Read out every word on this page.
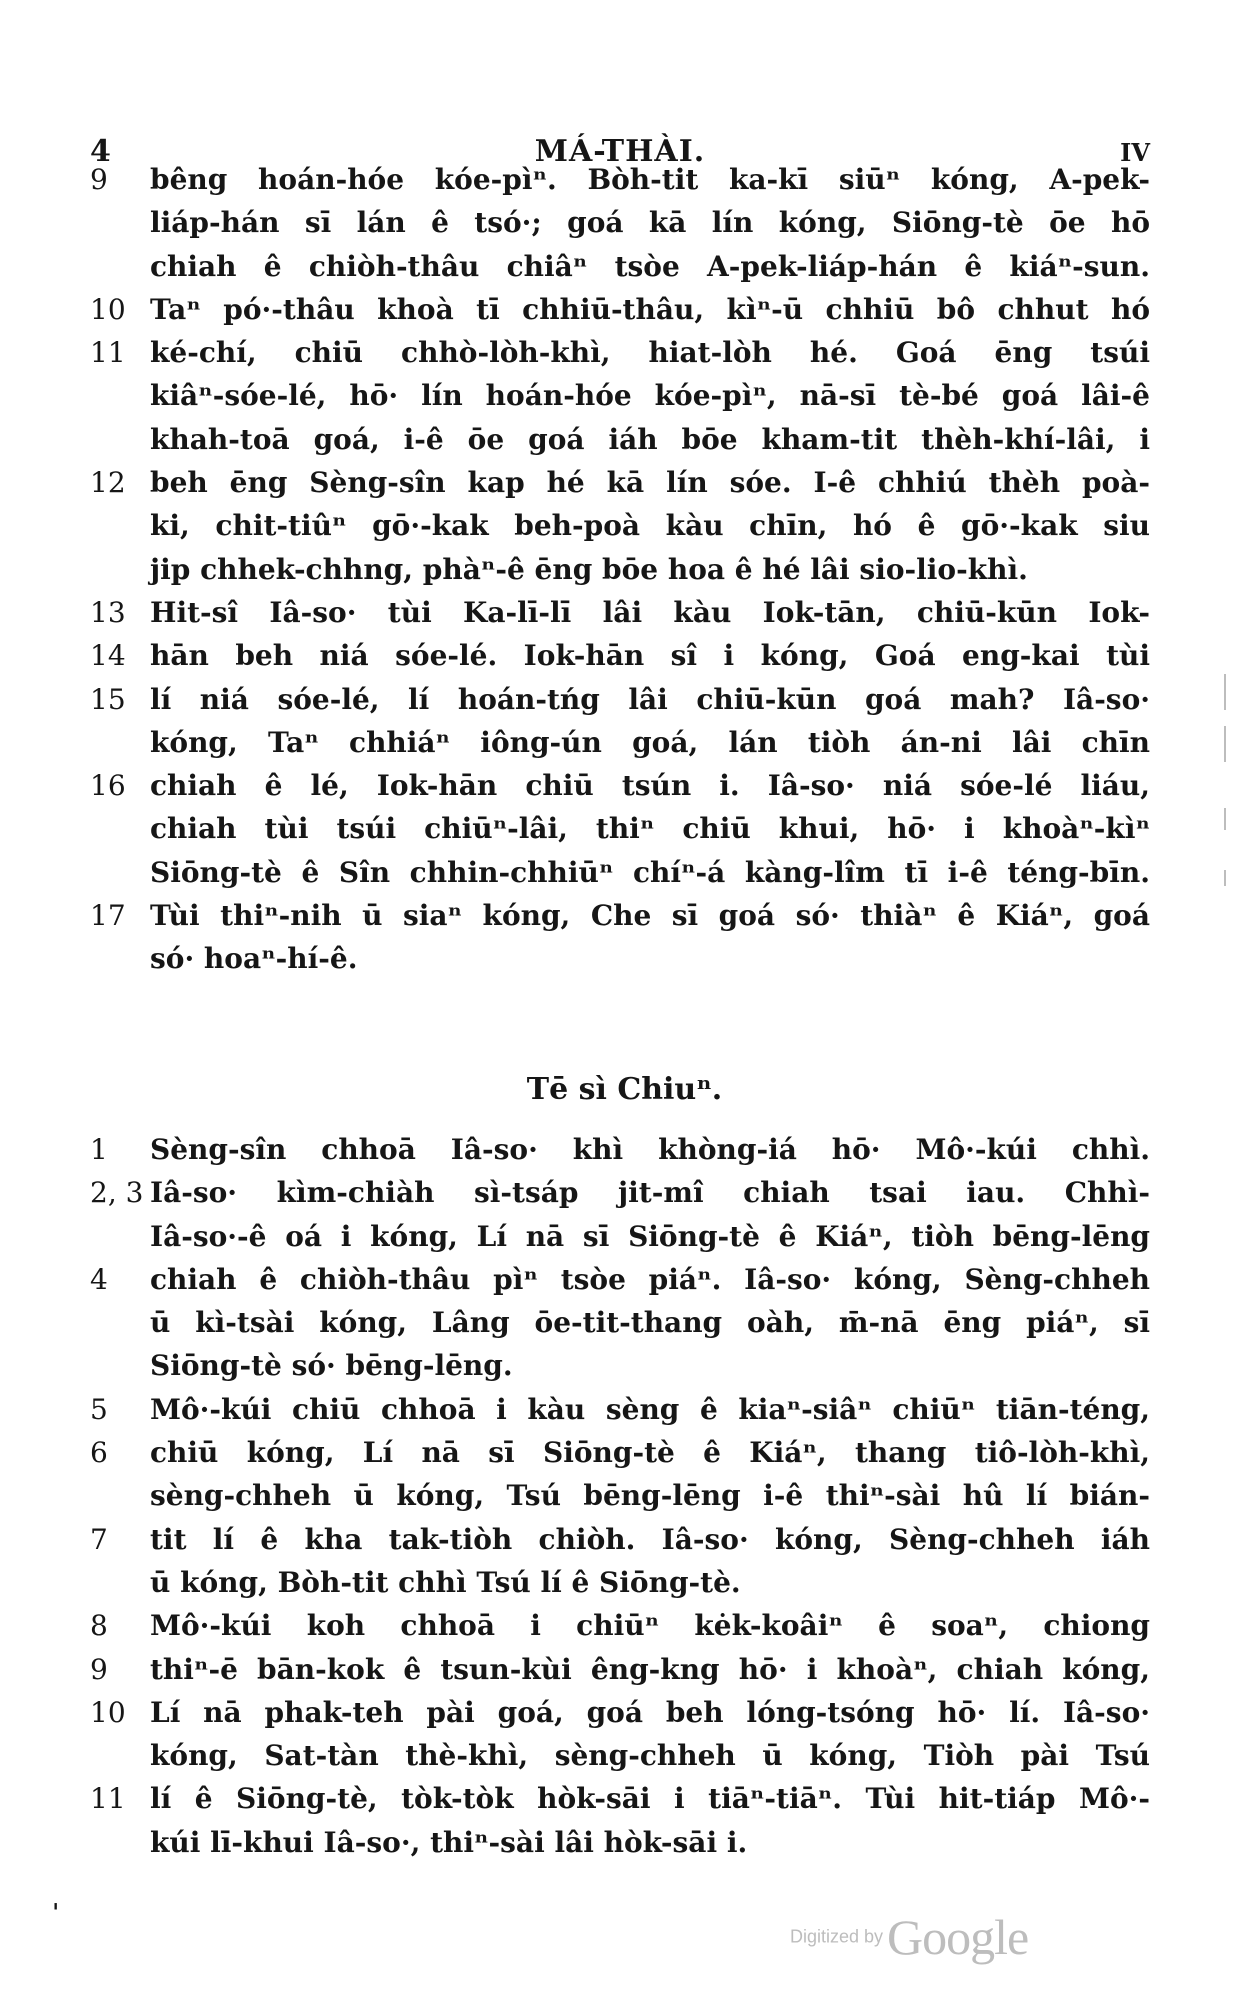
4	MÁ-THÀI.	IV
9 bêng hoán-hóe kóe-pìⁿ. Bòh-tit ka-kī siūⁿ kóng, A-pek-
liáp-hán sī lán ê tsó·; goá kā lín kóng, Siōng-tè ōe hō
chiah ê chiòh-thâu chiâⁿ tsòe A-pek-liáp-hán ê kiáⁿ-sun.
10 Taⁿ pó·-thâu khoà tī chhiū-thâu, kìⁿ-ū chhiū bô chhut hó
11 ké-chí, chiū chhò-lòh-khì, hiat-lòh hé. Goá ēng tsúi
kiâⁿ-sóe-lé, hō· lín hoán-hóe kóe-pìⁿ, nā-sī tè-bé goá lâi-ê
khah-toā goá, i-ê ōe goá iáh bōe kham-tit thèh-khí-lâi, i
12 beh ēng Sèng-sîn kap hé kā lín sóe. I-ê chhiú thèh poà-
ki, chit-tiûⁿ gō·-kak beh-poà kàu chīn, hó ê gō·-kak siu
jip chhek-chhng, phàⁿ-ê ēng bōe hoa ê hé lâi sio-lio-khì.
13 Hit-sî Iâ-so· tùi Ka-lī-lī lâi kàu Iok-tān, chiū-kūn Iok-
14 hān beh niá sóe-lé. Iok-hān sî i kóng, Goá eng-kai tùi
15 lí niá sóe-lé, lí hoán-tńg lâi chiū-kūn goá mah? Iâ-so·
kóng, Taⁿ chhiáⁿ iông-ún goá, lán tiòh án-ni lâi chīn
16 chiah ê lé, Iok-hān chiū tsún i. Iâ-so· niá sóe-lé liáu,
chiah tùi tsúi chiūⁿ-lâi, thiⁿ chiū khui, hō· i khoàⁿ-kìⁿ
Siōng-tè ê Sîn chhin-chhiūⁿ chíⁿ-á kàng-lîm tī i-ê téng-bīn.
17 Tùi thiⁿ-nih ū siaⁿ kóng, Che sī goá só· thiàⁿ ê Kiáⁿ, goá
só· hoaⁿ-hí-ê.
Tē sì Chiuⁿ.
1 Sèng-sîn chhoā Iâ-so· khì khòng-iá hō· Mô·-kúi chhì.
2, 3 Iâ-so· kìm-chiàh sì-tsáp jit-mî chiah tsai iau. Chhì-
Iâ-so·-ê oá i kóng, Lí nā sī Siōng-tè ê Kiáⁿ, tiòh bēng-lēng
4 chiah ê chiòh-thâu pìⁿ tsòe piáⁿ. Iâ-so· kóng, Sèng-chheh
ū kì-tsài kóng, Lâng ōe-tit-thang oàh, m̄-nā ēng piáⁿ, sī
Siōng-tè só· bēng-lēng.
5 Mô·-kúi chiū chhoā i kàu sèng ê kiaⁿ-siâⁿ chiūⁿ tiān-téng,
6 chiū kóng, Lí nā sī Siōng-tè ê Kiáⁿ, thang tiô-lòh-khì,
sèng-chheh ū kóng, Tsú bēng-lēng i-ê thiⁿ-sài hû lí bián-
7 tit lí ê kha tak-tiòh chiòh. Iâ-so· kóng, Sèng-chheh iáh
ū kóng, Bòh-tit chhì Tsú lí ê Siōng-tè.
8 Mô·-kúi koh chhoā i chiūⁿ kėk-koâiⁿ ê soaⁿ, chiong
9 thiⁿ-ē bān-kok ê tsun-kùi êng-kng hō· i khoàⁿ, chiah kóng,
10 Lí nā phak-teh pài goá, goá beh lóng-tsóng hō· lí. Iâ-so·
kóng, Sat-tàn thè-khì, sèng-chheh ū kóng, Tiòh pài Tsú
11 lí ê Siōng-tè, tòk-tòk hòk-sāi i tiāⁿ-tiāⁿ. Tùi hit-tiáp Mô·-
kúi lī-khui Iâ-so·, thiⁿ-sài lâi hòk-sāi i.
ˌ
Digitized by Google
